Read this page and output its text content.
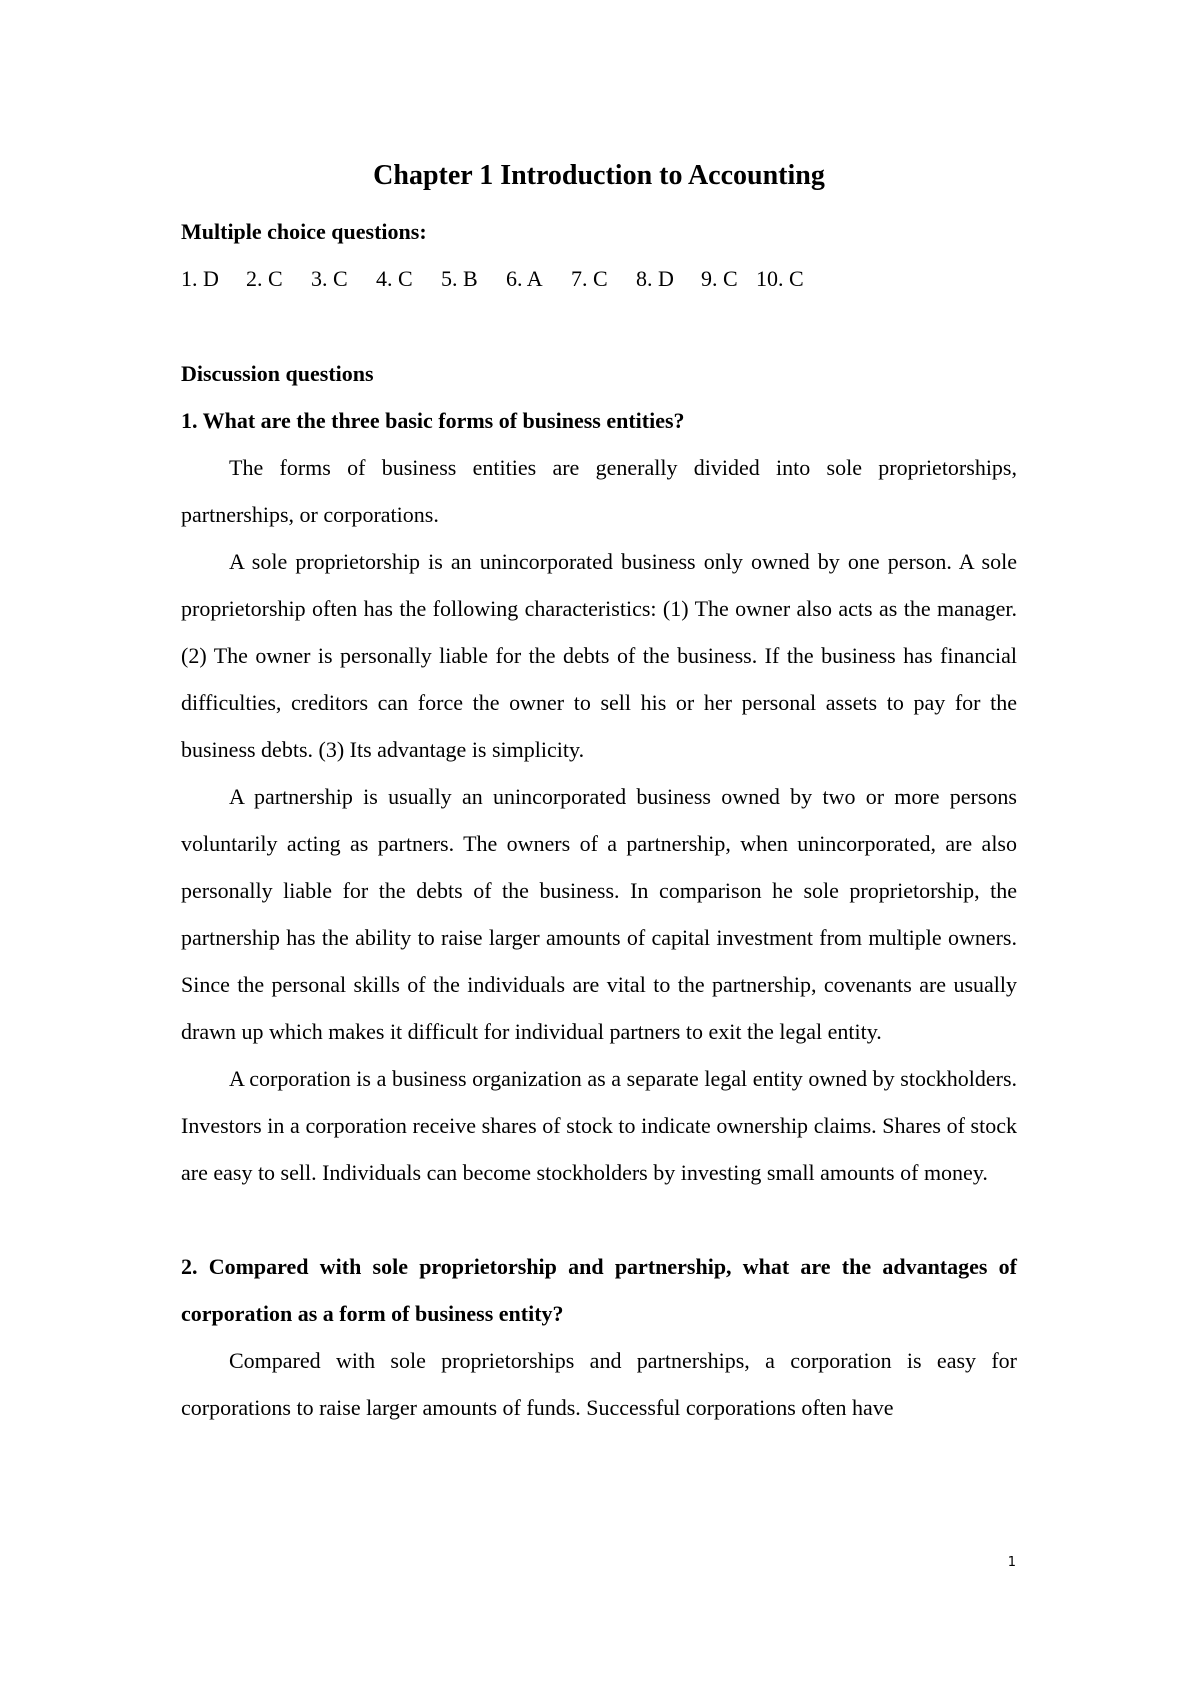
Chapter 1 Introduction to Accounting

Multiple choice questions:

1. D	2. C	3. C	4. C	5. B	6. A	7. C	8. D	9. C 10. C

Discussion questions

1. What are the three basic forms of business entities?

The forms of business entities are generally divided into sole proprietorships, partnerships, or corporations.

A sole proprietorship is an unincorporated business only owned by one person. A sole proprietorship often has the following characteristics: (1) The owner also acts as the manager. (2) The owner is personally liable for the debts of the business. If the business has financial difficulties, creditors can force the owner to sell his or her personal assets to pay for the business debts. (3) Its advantage is simplicity.

A partnership is usually an unincorporated business owned by two or more persons voluntarily acting as partners. The owners of a partnership, when unincorporated, are also personally liable for the debts of the business. In comparison he sole proprietorship, the partnership has the ability to raise larger amounts of capital investment from multiple owners. Since the personal skills of the individuals are vital to the partnership, covenants are usually drawn up which makes it difficult for individual partners to exit the legal entity.

A corporation is a business organization as a separate legal entity owned by stockholders. Investors in a corporation receive shares of stock to indicate ownership claims. Shares of stock are easy to sell. Individuals can become stockholders by investing small amounts of money.

2. Compared with sole proprietorship and partnership, what are the advantages of corporation as a form of business entity?

Compared with sole proprietorships and partnerships, a corporation is easy for corporations to raise larger amounts of funds. Successful corporations often have

1
